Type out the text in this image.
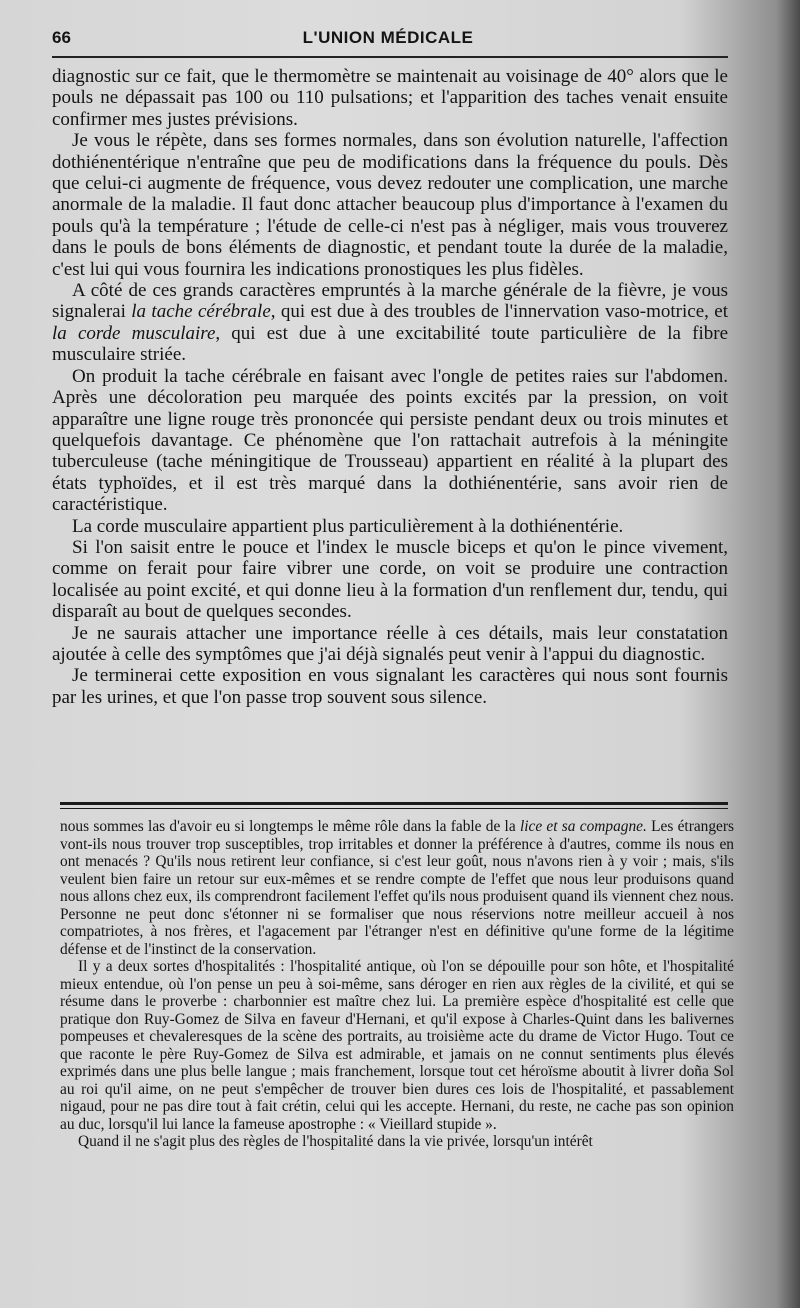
66	L'UNION MÉDICALE

diagnostic sur ce fait, que le thermomètre se maintenait au voisinage de 40° alors que le pouls ne dépassait pas 100 ou 110 pulsations; et l'apparition des taches venait ensuite confirmer mes justes prévisions.

Je vous le répète, dans ses formes normales, dans son évolution naturelle, l'affection dothiénentérique n'entraîne que peu de modifications dans la fréquence du pouls. Dès que celui-ci augmente de fréquence, vous devez redouter une complication, une marche anormale de la maladie. Il faut donc attacher beaucoup plus d'importance à l'examen du pouls qu'à la température ; l'étude de celle-ci n'est pas à négliger, mais vous trouverez dans le pouls de bons éléments de diagnostic, et pendant toute la durée de la maladie, c'est lui qui vous fournira les indications pronostiques les plus fidèles.

A côté de ces grands caractères empruntés à la marche générale de la fièvre, je vous signalerai la tache cérébrale, qui est due à des troubles de l'innervation vaso-motrice, et la corde musculaire, qui est due à une excitabilité toute particulière de la fibre musculaire striée.

On produit la tache cérébrale en faisant avec l'ongle de petites raies sur l'abdomen. Après une décoloration peu marquée des points excités par la pression, on voit apparaître une ligne rouge très prononcée qui persiste pendant deux ou trois minutes et quelquefois davantage. Ce phénomène que l'on rattachait autrefois à la méningite tuberculeuse (tache méningitique de Trousseau) appartient en réalité à la plupart des états typhoïdes, et il est très marqué dans la dothiénentérie, sans avoir rien de caractéristique.

La corde musculaire appartient plus particulièrement à la dothiénentérie.

Si l'on saisit entre le pouce et l'index le muscle biceps et qu'on le pince vivement, comme on ferait pour faire vibrer une corde, on voit se produire une contraction localisée au point excité, et qui donne lieu à la formation d'un renflement dur, tendu, qui disparaît au bout de quelques secondes.

Je ne saurais attacher une importance réelle à ces détails, mais leur constatation ajoutée à celle des symptômes que j'ai déjà signalés peut venir à l'appui du diagnostic.

Je terminerai cette exposition en vous signalant les caractères qui nous sont fournis par les urines, et que l'on passe trop souvent sous silence.

nous sommes las d'avoir eu si longtemps le même rôle dans la fable de la lice et sa compagne. Les étrangers vont-ils nous trouver trop susceptibles, trop irritables et donner la préférence à d'autres, comme ils nous en ont menacés ? Qu'ils nous retirent leur confiance, si c'est leur goût, nous n'avons rien à y voir ; mais, s'ils veulent bien faire un retour sur eux-mêmes et se rendre compte de l'effet que nous leur produisons quand nous allons chez eux, ils comprendront facilement l'effet qu'ils nous produisent quand ils viennent chez nous. Personne ne peut donc s'étonner ni se formaliser que nous réservions notre meilleur accueil à nos compatriotes, à nos frères, et l'agacement par l'étranger n'est en définitive qu'une forme de la légitime défense et de l'instinct de la conservation.

Il y a deux sortes d'hospitalités : l'hospitalité antique, où l'on se dépouille pour son hôte, et l'hospitalité mieux entendue, où l'on pense un peu à soi-même, sans déroger en rien aux règles de la civilité, et qui se résume dans le proverbe : charbonnier est maître chez lui. La première espèce d'hospitalité est celle que pratique don Ruy-Gomez de Silva en faveur d'Hernani, et qu'il expose à Charles-Quint dans les balivernes pompeuses et chevaleresques de la scène des portraits, au troisième acte du drame de Victor Hugo. Tout ce que raconte le père Ruy-Gomez de Silva est admirable, et jamais on ne connut sentiments plus élevés exprimés dans une plus belle langue ; mais franchement, lorsque tout cet héroïsme aboutit à livrer doña Sol au roi qu'il aime, on ne peut s'empêcher de trouver bien dures ces lois de l'hospitalité, et passablement nigaud, pour ne pas dire tout à fait crétin, celui qui les accepte. Hernani, du reste, ne cache pas son opinion au duc, lorsqu'il lui lance la fameuse apostrophe : « Vieillard stupide ».

Quand il ne s'agit plus des règles de l'hospitalité dans la vie privée, lorsqu'un intérêt
